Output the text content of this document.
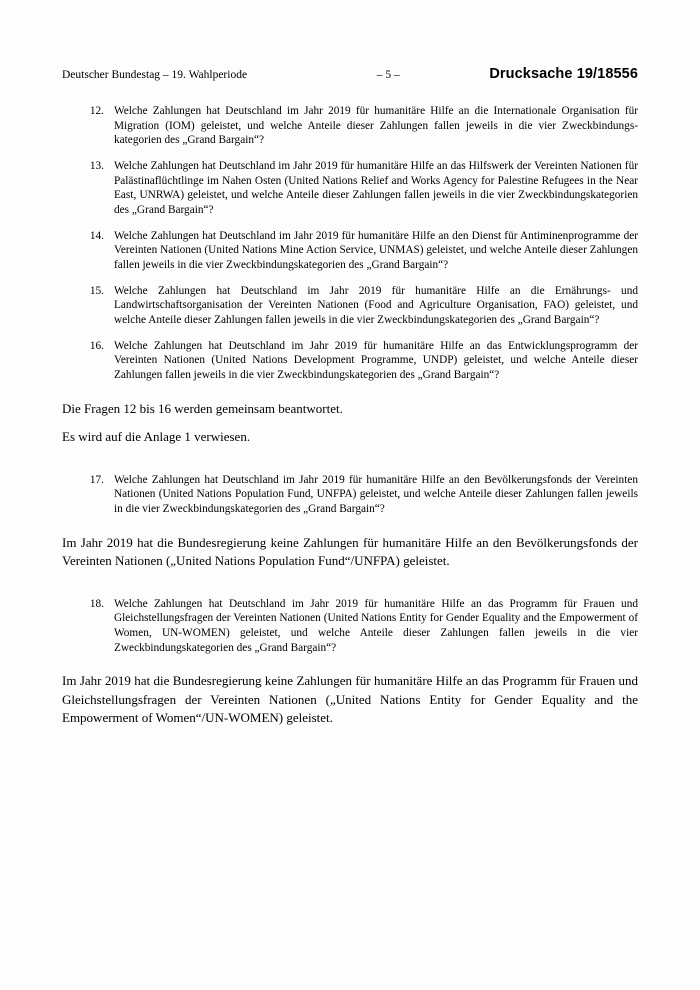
Deutscher Bundestag – 19. Wahlperiode	– 5 –	Drucksache 19/18556
12. Welche Zahlungen hat Deutschland im Jahr 2019 für humanitäre Hilfe an die Internationale Organisation für Migration (IOM) geleistet, und welche Anteile dieser Zahlungen fallen jeweils in die vier Zweckbindungskategorien des „Grand Bargain“?
13. Welche Zahlungen hat Deutschland im Jahr 2019 für humanitäre Hilfe an das Hilfswerk der Vereinten Nationen für Palästinaflüchtlinge im Nahen Osten (United Nations Relief and Works Agency for Palestine Refugees in the Near East, UNRWA) geleistet, und welche Anteile dieser Zahlungen fallen jeweils in die vier Zweckbindungskategorien des „Grand Bargain“?
14. Welche Zahlungen hat Deutschland im Jahr 2019 für humanitäre Hilfe an den Dienst für Antiminenprogramme der Vereinten Nationen (United Nations Mine Action Service, UNMAS) geleistet, und welche Anteile dieser Zahlungen fallen jeweils in die vier Zweckbindungskategorien des „Grand Bargain“?
15. Welche Zahlungen hat Deutschland im Jahr 2019 für humanitäre Hilfe an die Ernährungs- und Landwirtschaftsorganisation der Vereinten Nationen (Food and Agriculture Organisation, FAO) geleistet, und welche Anteile dieser Zahlungen fallen jeweils in die vier Zweckbindungskategorien des „Grand Bargain“?
16. Welche Zahlungen hat Deutschland im Jahr 2019 für humanitäre Hilfe an das Entwicklungsprogramm der Vereinten Nationen (United Nations Development Programme, UNDP) geleistet, und welche Anteile dieser Zahlungen fallen jeweils in die vier Zweckbindungskategorien des „Grand Bargain“?

Die Fragen 12 bis 16 werden gemeinsam beantwortet.

Es wird auf die Anlage 1 verwiesen.

17. Welche Zahlungen hat Deutschland im Jahr 2019 für humanitäre Hilfe an den Bevölkerungsfonds der Vereinten Nationen (United Nations Population Fund, UNFPA) geleistet, und welche Anteile dieser Zahlungen fallen jeweils in die vier Zweckbindungskategorien des „Grand Bargain“?

Im Jahr 2019 hat die Bundesregierung keine Zahlungen für humanitäre Hilfe an den Bevölkerungsfonds der Vereinten Nationen („United Nations Population Fund“/UNFPA) geleistet.

18. Welche Zahlungen hat Deutschland im Jahr 2019 für humanitäre Hilfe an das Programm für Frauen und Gleichstellungsfragen der Vereinten Nationen (United Nations Entity for Gender Equality and the Empowerment of Women, UN-WOMEN) geleistet, und welche Anteile dieser Zahlungen fallen jeweils in die vier Zweckbindungskategorien des „Grand Bargain“?

Im Jahr 2019 hat die Bundesregierung keine Zahlungen für humanitäre Hilfe an das Programm für Frauen und Gleichstellungsfragen der Vereinten Nationen („United Nations Entity for Gender Equality and the Empowerment of Women“/UN-WOMEN) geleistet.
